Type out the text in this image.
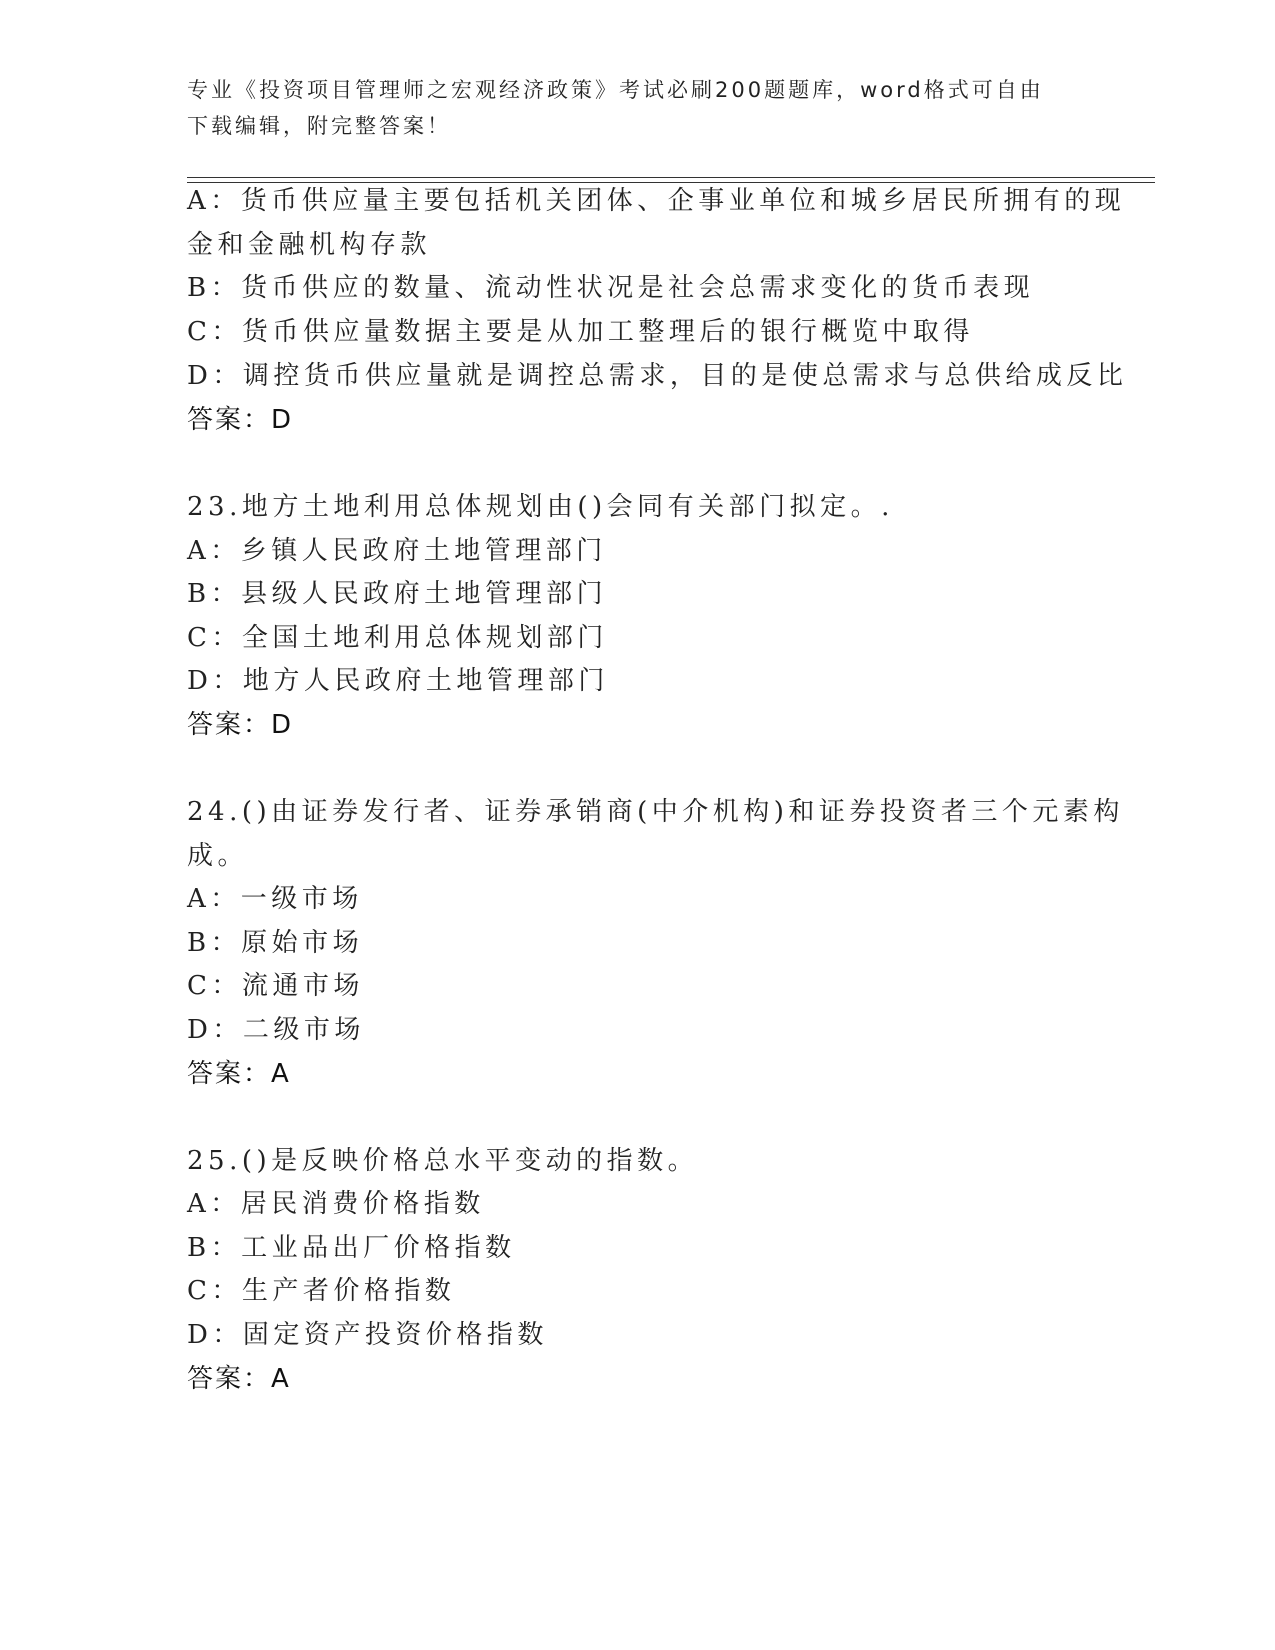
专业《投资项目管理师之宏观经济政策》考试必刷200题题库，word格式可自由
下载编辑，附完整答案！
A：货币供应量主要包括机关团体、企事业单位和城乡居民所拥有的现
金和金融机构存款
B：货币供应的数量、流动性状况是社会总需求变化的货币表现
C：货币供应量数据主要是从加工整理后的银行概览中取得
D：调控货币供应量就是调控总需求，目的是使总需求与总供给成反比
答案：D
23.地方土地利用总体规划由()会同有关部门拟定。.
A：乡镇人民政府土地管理部门
B：县级人民政府土地管理部门
C：全国土地利用总体规划部门
D：地方人民政府土地管理部门
答案：D
24.()由证券发行者、证券承销商(中介机构)和证券投资者三个元素构
成。
A：一级市场
B：原始市场
C：流通市场
D：二级市场
答案：A
25.()是反映价格总水平变动的指数。
A：居民消费价格指数
B：工业品出厂价格指数
C：生产者价格指数
D：固定资产投资价格指数
答案：A
